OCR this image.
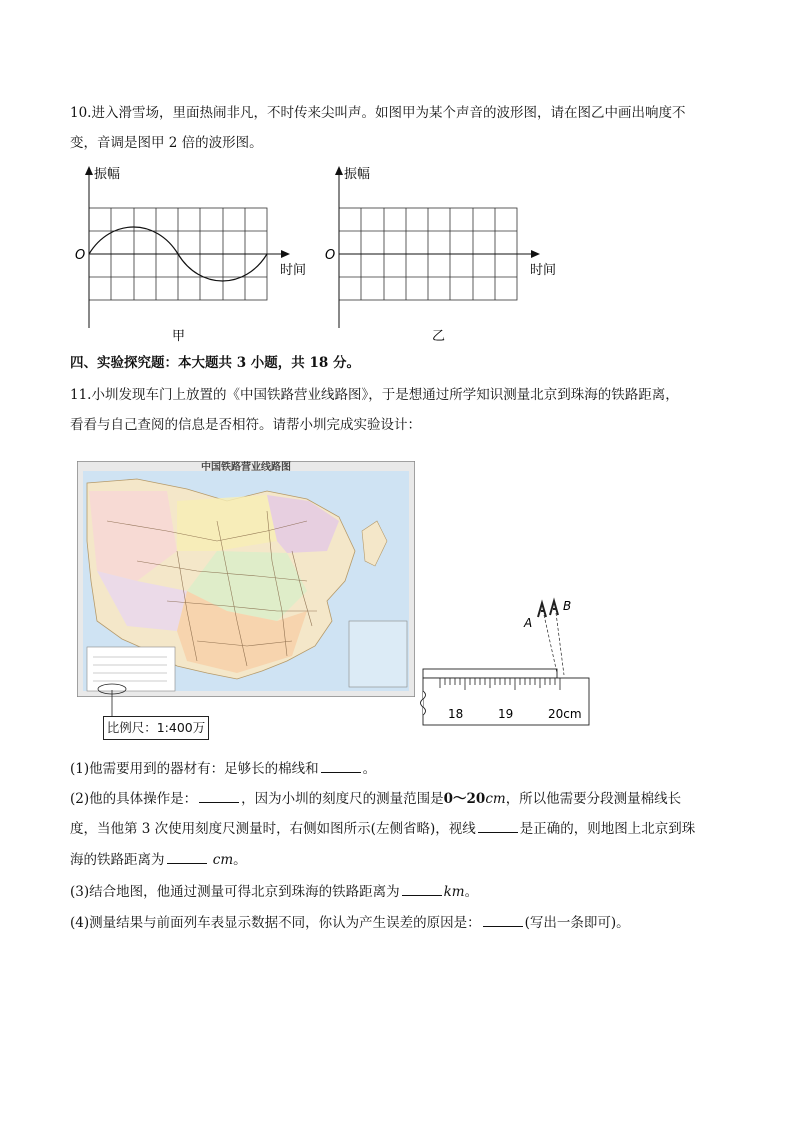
10.进入滑雪场，里面热闹非凡，不时传来尖叫声。如图甲为某个声音的波形图，请在图乙中画出响度不
变，音调是图甲 2 倍的波形图。
振幅
时间
O
甲
振幅
时间
O
乙
四、实验探究题：本大题共 3 小题，共 18 分。
11.小圳发现车门上放置的《中国铁路营业线路图》，于是想通过所学知识测量北京到珠海的铁路距离，
看看与自己查阅的信息是否相符。请帮小圳完成实验设计：
中国铁路营业线路图
比例尺：1:400万
18	19	20cm
A
B
(1)他需要用到的器材有：足够长的棉线和	。
(2)他的具体操作是：	，因为小圳的刻度尺的测量范围是0～20cm，所以他需要分段测量棉线长
度，当他第 3 次使用刻度尺测量时，右侧如图所示(左侧省略)，视线	是正确的，则地图上北京到珠
海的铁路距离为	cm。
(3)结合地图，他通过测量可得北京到珠海的铁路距离为	km。
(4)测量结果与前面列车表显示数据不同，你认为产生误差的原因是：	(写出一条即可)。
